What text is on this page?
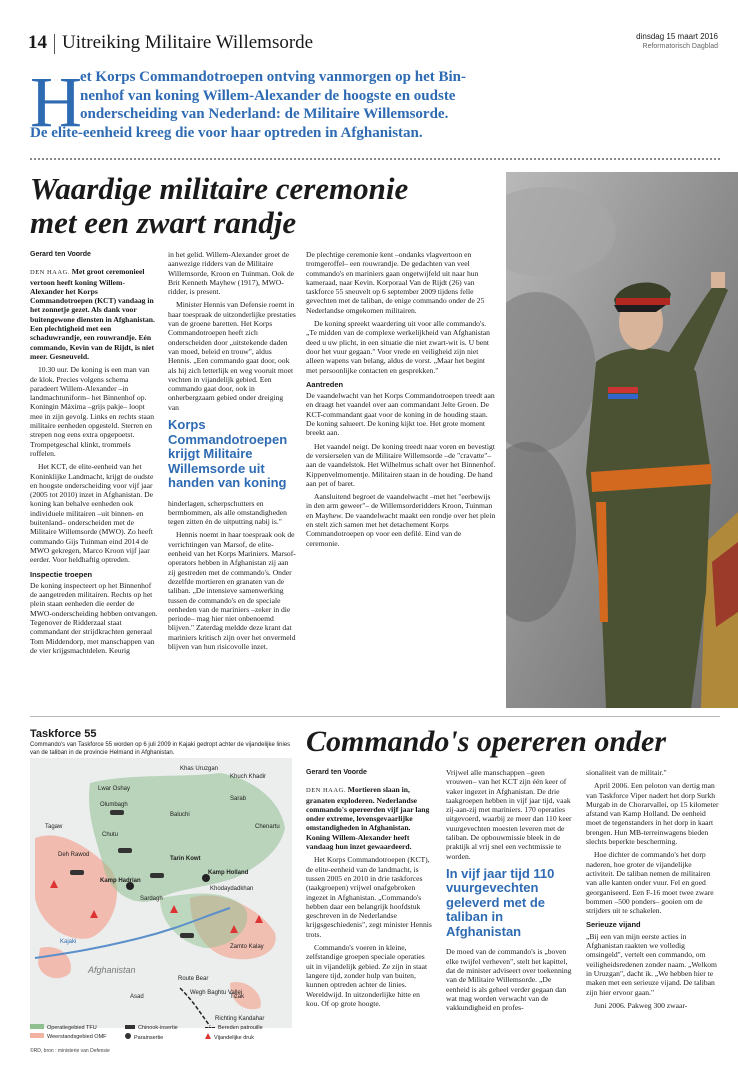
14 Uitreiking Militaire Willemsorde	dinsdag 15 maart 2016
Reformatorisch Dagblad
H
et Korps Commandotroepen ontving vanmorgen op het Bin-
nenhof van koning Willem-Alexander de hoogste en oudste
onderscheiding van Nederland: de Militaire Willemsorde.
De elite-eenheid kreeg die voor haar optreden in Afghanistan.
Waardige militaire ceremonie
met een zwart randje
Gerard ten Voorde

DEN HAAG. Met groot ceremonieel vertoon heeft koning Willem-Alexander het Korps Commandotroepen (KCT) vandaag in het zonnetje gezet. Als dank voor buitengewone diensten in Afghanistan. Een plechtigheid met een schaduwrandje, een rouwrandje. Eén commando, Kevin van de Rijdt, is niet meer. Gesneuveld.

10.30 uur. De koning is een man van de klok. Precies volgens schema paradeert Willem-Alexander –in landmachtuniform– het Binnenhof op. Koningin Máxima –grijs pakje– loopt mee in zijn gevolg. Links en rechts staan militaire eenheden opgesteld. Sterren en strepen nog eens extra opgepoetst. Trompetgeschal klinkt, trommels roffelen.

Het KCT, de elite-eenheid van het Koninklijke Landmacht, krijgt de oudste en hoogste onderscheiding voor vijf jaar (2005 tot 2010) inzet in Afghanistan. De koning kan behalve eenheden ook individuele militairen –uit binnen- en buitenland– onderscheiden met de Militaire Willemsorde (MWO). Zo heeft commando Gijs Tuinman eind 2014 de MWO gekregen, Marco Kroon vijf jaar eerder. Voor heldhaftig optreden.

Inspectie troepen

De koning inspecteert op het Binnenhof de aangetreden militairen. Rechts op het plein staan eenheden die eerder de MWO-onderscheiding hebben ontvangen. Tegenover de Ridderzaal staat commandant der strijdkrachten generaal Tom Middendorp, met manschappen van de vier krijgsmachtdelen. Keurig

in het gelid. Willem-Alexander groet de aanwezige ridders van de Militaire Willemsorde, Kroon en Tuinman. Ook de Brit Kenneth Mayhew (1917), MWO-ridder, is present.

Minister Hennis van Defensie roemt in haar toespraak de uitzonderlijke prestaties van de groene baretten. Het Korps Commandotroepen heeft zich onderscheiden door „uitstekende daden van moed, beleid en trouw", aldus Hennis. „Een commando gaat door, ook als hij zich letterlijk en weg vooruit moet vechten in vijandelijk gebied. Een commando gaat door, ook in onherbergzaam gebied onder dreiging van

Korps Commandotroepen krijgt Militaire Willemsorde uit handen van koning

hinderlagen, scherpschutters en bermbommen, als alle omstandigheden tegen zitten én de uitputting nabij is."

Hennis noemt in haar toespraak ook de verrichtingen van Marsof, de elite-eenheid van het Korps Mariniers. Marsof-operators hebben in Afghanistan zij aan zij gestreden met de commando's. Onder dezelfde mortieren en granaten van de taliban. „De intensieve samenwerking tussen de commando's en de speciale eenheden van de mariniers –zeker in die periode– mag hier niet onbenoemd blijven." Zaterdag meldde deze krant dat mariniers kritisch zijn over het onvermeld blijven van hun risicovolle inzet.

De plechtige ceremonie kent –ondanks vlagvertoon en tromgeroffel– een rouwrandje. De gedachten van veel commando's en mariniers gaan ongetwijfeld uit naar hun kameraad, naar Kevin. Korporaal Van de Rijdt (26) van taskforce 55 sneuvelt op 6 september 2009 tijdens felle gevechten met de taliban, de enige commando onder de 25 Nederlandse omgekomen militairen.

De koning spreekt waardering uit voor alle commando's. „Te midden van de complexe werkelijkheid van Afghanistan deed u uw plicht, in een situatie die niet zwart-wit is. U bent door het vuur gegaan." Voor vrede en veiligheid zijn niet alleen wapens van belang, aldus de vorst. „Maar het begint met persoonlijke contacten en gesprekken."

Aantreden

De vaandelwacht van het Korps Commandotroepen treedt aan en draagt het vaandel over aan commandant Jelte Groen. De KCT-commandant gaat voor de koning in de houding staan. De koning salueert. De koning kijkt toe. Het grote moment breekt aan.

Het vaandel neigt. De koning treedt naar voren en bevestigt de versierselen van de Militaire Willemsorde –de "cravatte"– aan de vaandelstok. Het Wilhelmus schalt over het Binnenhof. Kippenvelmomentje. Militairen staan in de houding. De hand aan pet of baret.

Aansluitend begroet de vaandelwacht –met het "eerbewijs in den arm geweer"– de Willemsorderidders Kroon, Tuinman en Mayhew. De vaandelwacht maakt een rondje over het plein en stelt zich samen met het detachement Korps Commandotroepen op voor een defilé. Eind van de ceremonie.

Taskforce 55
Commando's van Taskforce 55 worden op 6 juli 2009 in Kajaki gedropt achter de vijandelijke linies van de taliban in de provincie Helmand in Afghanistan.
Khas Uruzgan
Khuch Khadir
Lwar Oshay
Olumbagh
Tagaw
Chutu
Baluchi
Sarab
Chenartu
Deh Rawod
Kamp Hadrian
Tarin Kowt
Kamp Holland
Khodaydadkhan
Sardagh
Zamto Kalay
Kajaki
Afghanistan
Route Bear
Wegh Baghtu Vallei
Tizak
Asad
Richting Kandahar
Operatiegebied TFU
Weerstandsgebied OMF
Chinook-insertie
Parainsertie
Bereden patrouille
Vijandelijke druk
©RD, bron : ministerie van Defensie
Commando's opereren onder
Gerard ten Voorde

DEN HAAG. Mortieren slaan in, granaten exploderen. Nederlandse commando's opereerden vijf jaar lang onder extreme, levensgevaarlijke omstandigheden in Afghanistan. Koning Willem-Alexander heeft vandaag hun inzet gewaardeerd.

Het Korps Commandotroepen (KCT), de elite-eenheid van de landmacht, is tussen 2005 en 2010 in drie taskforces (taakgroepen) vrijwel onafgebroken ingezet in Afghanistan. „Commando's hebben daar een belangrijk hoofdstuk geschreven in de Nederlandse krijgsgeschiedenis", zegt minister Hennis trots.

Commando's voeren in kleine, zelfstandige groepen speciale operaties uit in vijandelijk gebied. Ze zijn in staat langere tijd, zonder hulp van buiten, kunnen optreden achter de linies. Wereldwijd. In uitzonderlijke hitte en kou. Of op grote hoogte.

Vrijwel alle manschappen –geen vrouwen– van het KCT zijn één keer of vaker ingezet in Afghanistan. De drie taakgroepen hebben in vijf jaar tijd, vaak zij-aan-zij met mariniers. 170 operaties uitgevoerd, waarbij ze meer dan 110 keer vuurgevechten moesten leveren met de taliban. De opbouwmissie bleek in de praktijk al vrij snel een vechtmissie te worden.

In vijf jaar tijd 110 vuurgevechten geleverd met de taliban in Afghanistan

De moed van de commando's is „boven elke twijfel verheven", stelt het kapittel, dat de minister adviseert over toekenning van de Militaire Willemsorde. „De eenheid is als geheel verder gegaan dan wat mag worden verwacht van de vakkundigheid en profes-

sionaliteit van de militair."

April 2006. Een peloton van dertig man van Taskforce Viper nadert het dorp Surkh Murgab in de Chorarvallei, op 15 kilometer afstand van Kamp Holland. De eenheid moet de tegenstanders in het dorp in kaart brengen. Hun MB-terreinwagens bieden slechts beperkte bescherming.

Hoe dichter de commando's het dorp naderen, hoe groter de vijandelijke activiteit. De taliban nemen de militairen van alle kanten onder vuur. Fel en goed georganiseerd. Een F-16 moet twee zware bommen –500 ponders– gooien om de strijders uit te schakelen.

Serieuze vijand

„Bij een van mijn eerste acties in Afghanistan raakten we volledig omsingeld", vertelt een commando, om veiligheidsredenen zonder naam. „Welkom in Uruzgan", dacht ik. „We hebben hier te maken met een serieuze vijand. De taliban zijn hier ervoor gaan."

Juni 2006. Pakweg 300 zwaar-
